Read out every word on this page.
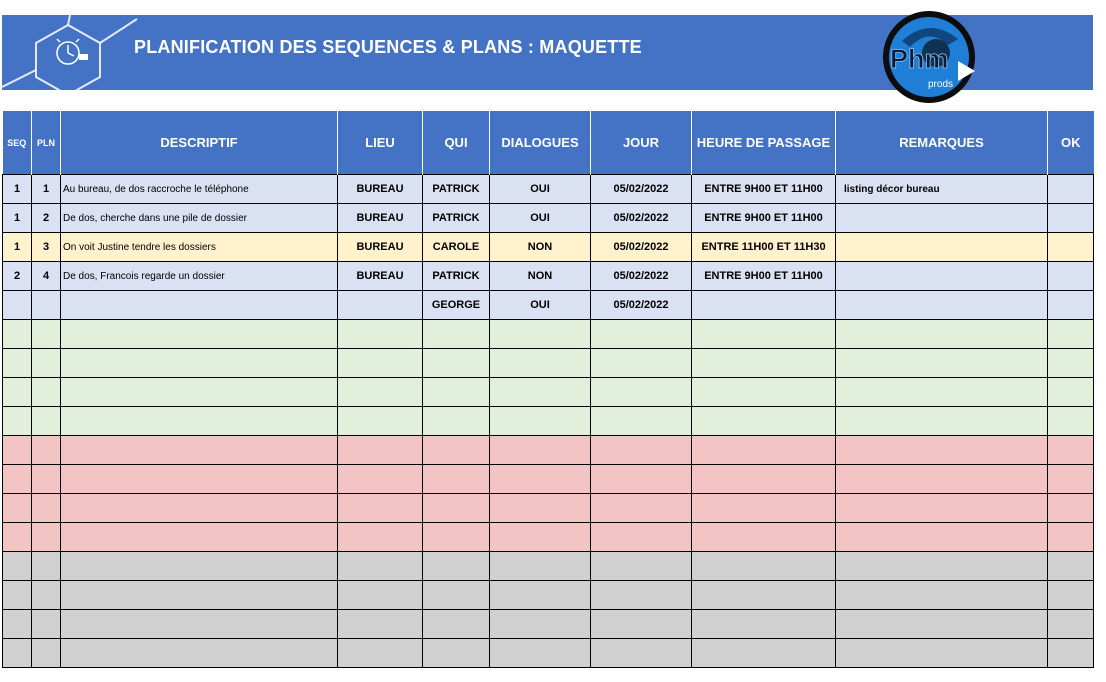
PLANIFICATION DES SEQUENCES & PLANS : MAQUETTE	Phm
prods
SEQ	PLN	DESCRIPTIF	LIEU	QUI	DIALOGUES	JOUR	HEURE DE PASSAGE	REMARQUES	OK
1	1	Au bureau, de dos raccroche le téléphone	BUREAU	PATRICK	OUI	05/02/2022	ENTRE 9H00 ET 11H00	listing décor bureau	
1	2	De dos, cherche dans une pile de dossier	BUREAU	PATRICK	OUI	05/02/2022	ENTRE 9H00 ET 11H00		
1	3	On voit Justine tendre les dossiers	BUREAU	CAROLE	NON	05/02/2022	ENTRE 11H00 ET 11H30		
2	4	De dos, Francois regarde un dossier	BUREAU	PATRICK	NON	05/02/2022	ENTRE 9H00 ET 11H00		
				GEORGE	OUI	05/02/2022			
